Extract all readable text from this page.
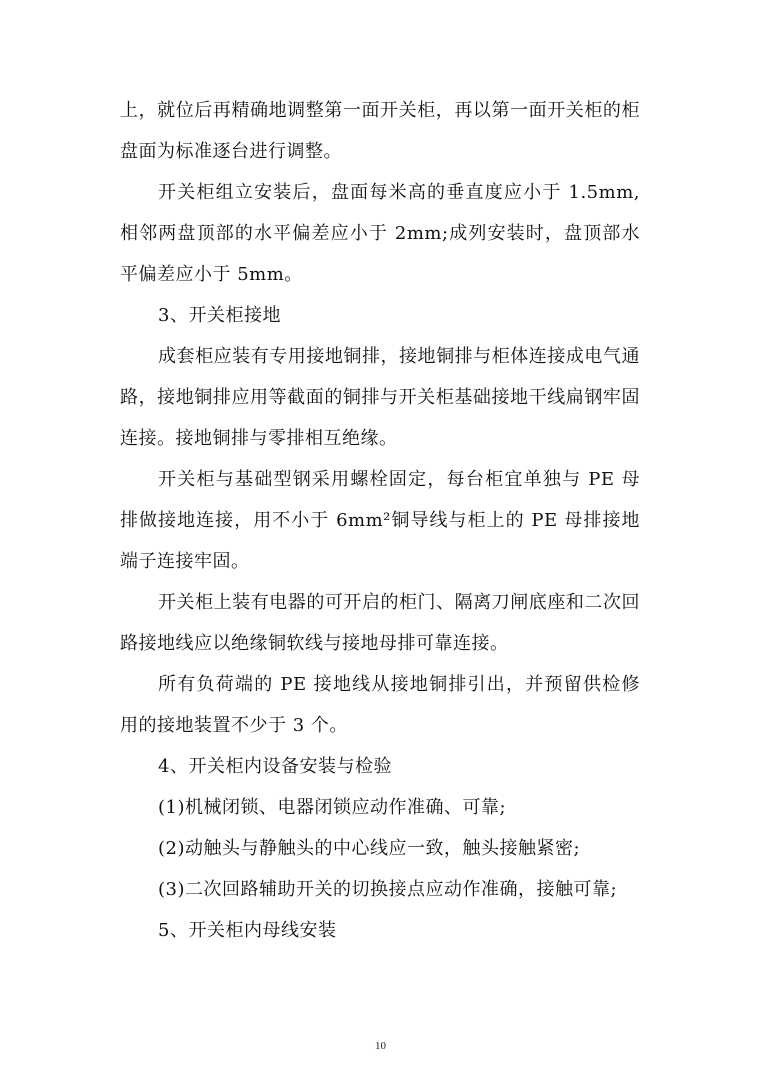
上，就位后再精确地调整第一面开关柜，再以第一面开关柜的柜盘面为标准逐台进行调整。

开关柜组立安装后，盘面每米高的垂直度应小于 1.5mm,相邻两盘顶部的水平偏差应小于 2mm;成列安装时，盘顶部水平偏差应小于 5mm。

3、开关柜接地

成套柜应装有专用接地铜排，接地铜排与柜体连接成电气通路，接地铜排应用等截面的铜排与开关柜基础接地干线扁钢牢固连接。接地铜排与零排相互绝缘。

开关柜与基础型钢采用螺栓固定，每台柜宜单独与 PE 母排做接地连接，用不小于 6mm²铜导线与柜上的 PE 母排接地端子连接牢固。

开关柜上装有电器的可开启的柜门、隔离刀闸底座和二次回路接地线应以绝缘铜软线与接地母排可靠连接。

所有负荷端的 PE 接地线从接地铜排引出，并预留供检修用的接地装置不少于 3 个。

4、开关柜内设备安装与检验

(1)机械闭锁、电器闭锁应动作准确、可靠;

(2)动触头与静触头的中心线应一致，触头接触紧密;

(3)二次回路辅助开关的切换接点应动作准确，接触可靠;

5、开关柜内母线安装

10
